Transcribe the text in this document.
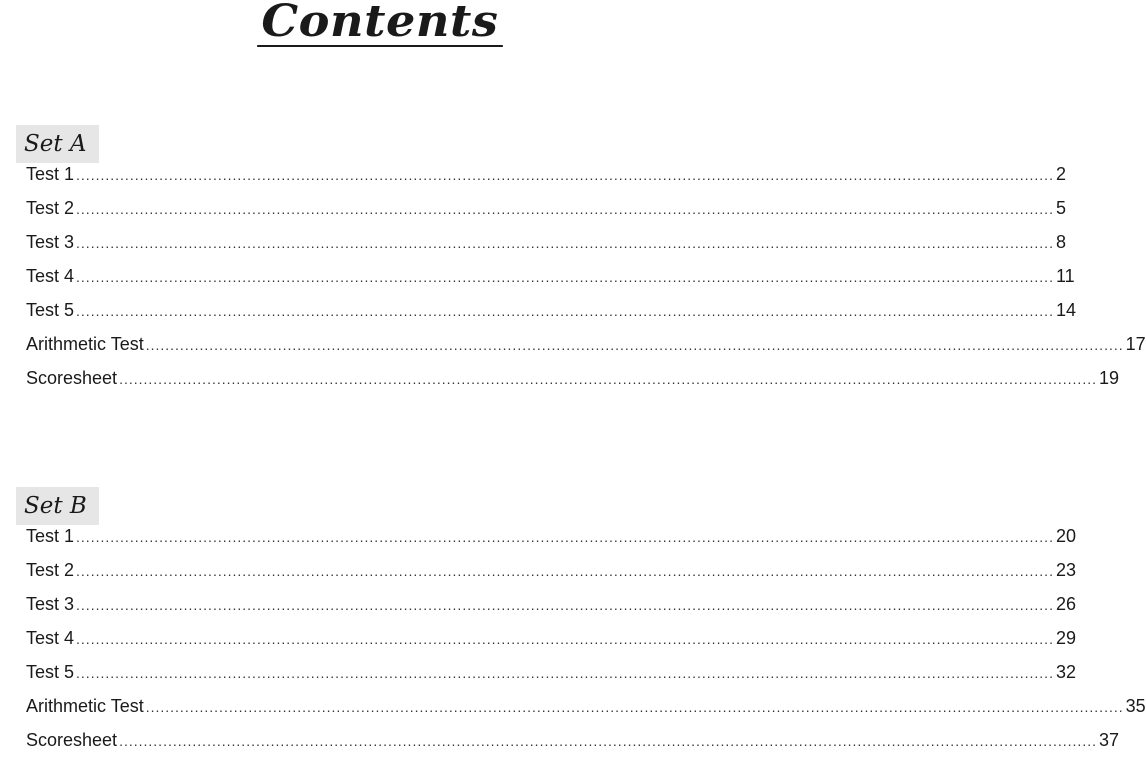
Contents
Set A
Test 1 ........................................................................................................................................................................................................ 2
Test 2 ........................................................................................................................................................................................................ 5
Test 3 ........................................................................................................................................................................................................ 8
Test 4 ........................................................................................................................................................................................................ 11
Test 5 ........................................................................................................................................................................................................ 14
Arithmetic Test ........................................................................................................................................................................................................ 17
Scoresheet ........................................................................................................................................................................................................ 19
Set B
Test 1 ........................................................................................................................................................................................................ 20
Test 2 ........................................................................................................................................................................................................ 23
Test 3 ........................................................................................................................................................................................................ 26
Test 4 ........................................................................................................................................................................................................ 29
Test 5 ........................................................................................................................................................................................................ 32
Arithmetic Test ........................................................................................................................................................................................................ 35
Scoresheet ........................................................................................................................................................................................................ 37
